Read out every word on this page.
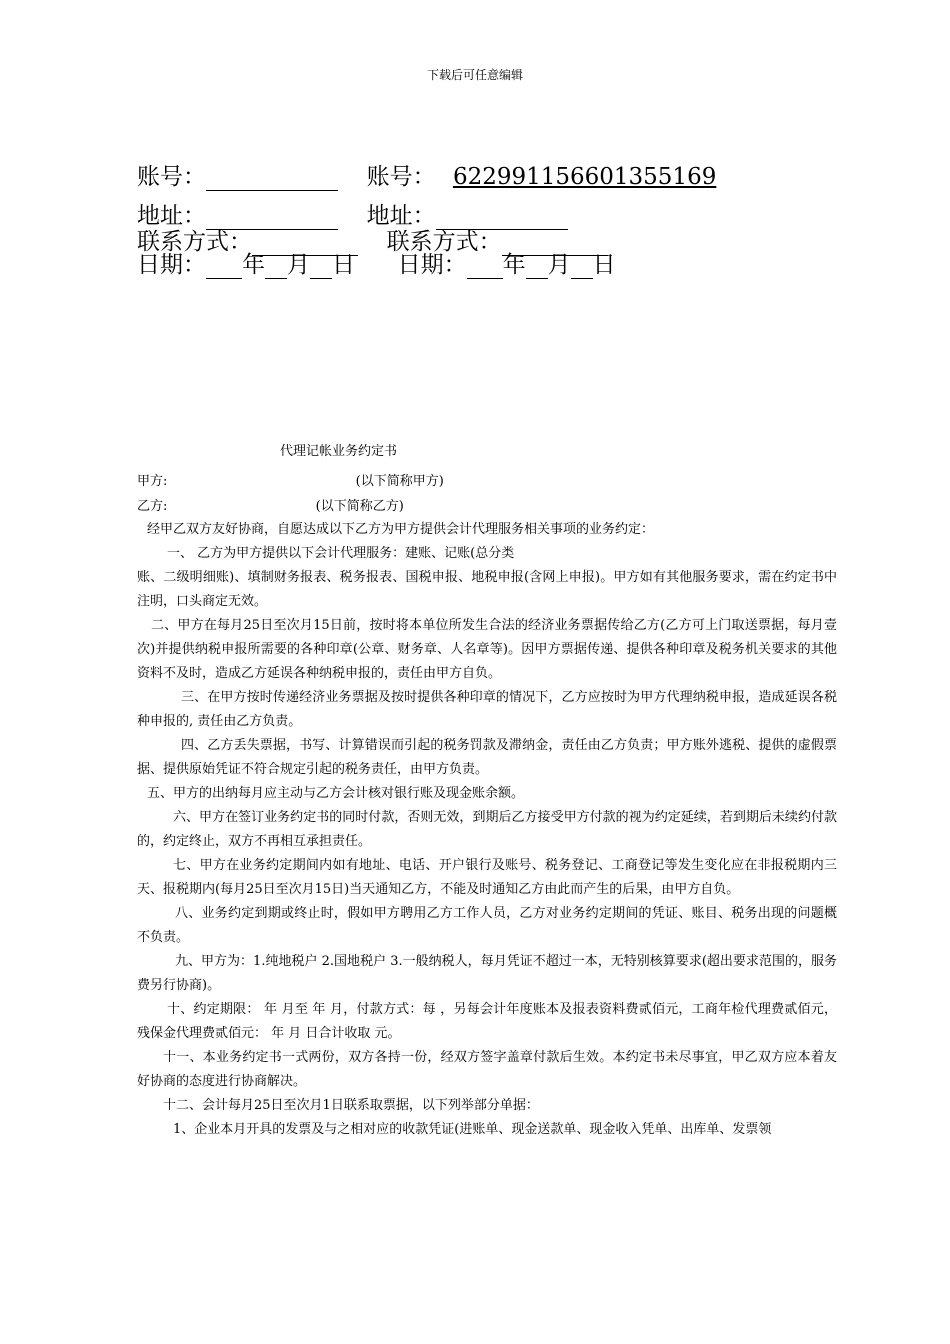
下载后可任意编辑
账号：	账号： 622991156601355169
地址：	地址：
联系方式：	联系方式：
日期： 年 月 日 日期： 年 月 日
代理记帐业务约定书
甲方:	(以下简称甲方)
乙方:	(以下简称乙方)

经甲乙双方友好协商，自愿达成以下乙方为甲方提供会计代理服务相关事项的业务约定：

一、 乙方为甲方提供以下会计代理服务：建账、记账(总分类

账、二级明细账)、填制财务报表、税务报表、国税申报、地税申报(含网上申报)。甲方如有其他服务要求，需在约定书中注明，口头商定无效。

二、甲方在每月25日至次月15日前，按时将本单位所发生合法的经济业务票据传给乙方(乙方可上门取送票据，每月壹次)并提供纳税申报所需要的各种印章(公章、财务章、人名章等)。因甲方票据传递、提供各种印章及税务机关要求的其他资料不及时，造成乙方延误各种纳税申报的，责任由甲方自负。

三、在甲方按时传递经济业务票据及按时提供各种印章的情况下，乙方应按时为甲方代理纳税申报，造成延误各税种申报的, 责任由乙方负责。

四、乙方丢失票据，书写、计算错误而引起的税务罚款及滞纳金，责任由乙方负责；甲方账外逃税、提供的虚假票据、提供原始凭证不符合规定引起的税务责任，由甲方负责。

五、甲方的出纳每月应主动与乙方会计核对银行账及现金账余额。

六、甲方在签订业务约定书的同时付款，否则无效，到期后乙方接受甲方付款的视为约定延续，若到期后未续约付款的，约定终止，双方不再相互承担责任。

七、甲方在业务约定期间内如有地址、电话、开户银行及账号、税务登记、工商登记等发生变化应在非报税期内三天、报税期内(每月25日至次月15日)当天通知乙方，不能及时通知乙方由此而产生的后果，由甲方自负。

八、业务约定到期或终止时，假如甲方聘用乙方工作人员，乙方对业务约定期间的凭证、账目、税务出现的问题概不负责。

九、甲方为：1.纯地税户 2.国地税户 3.一般纳税人，每月凭证不超过一本，无特别核算要求(超出要求范围的，服务费另行协商)。

十、约定期限： 年 月至 年 月，付款方式：每 ，另每会计年度账本及报表资料费贰佰元，工商年检代理费贰佰元，残保金代理费贰佰元： 年 月 日合计收取 元。

十一、本业务约定书一式两份，双方各持一份，经双方签字盖章付款后生效。本约定书未尽事宜，甲乙双方应本着友好协商的态度进行协商解决。

十二、会计每月25日至次月1日联系取票据，以下列举部分单据：

1、企业本月开具的发票及与之相对应的收款凭证(进账单、现金送款单、现金收入凭单、出库单、发票领
